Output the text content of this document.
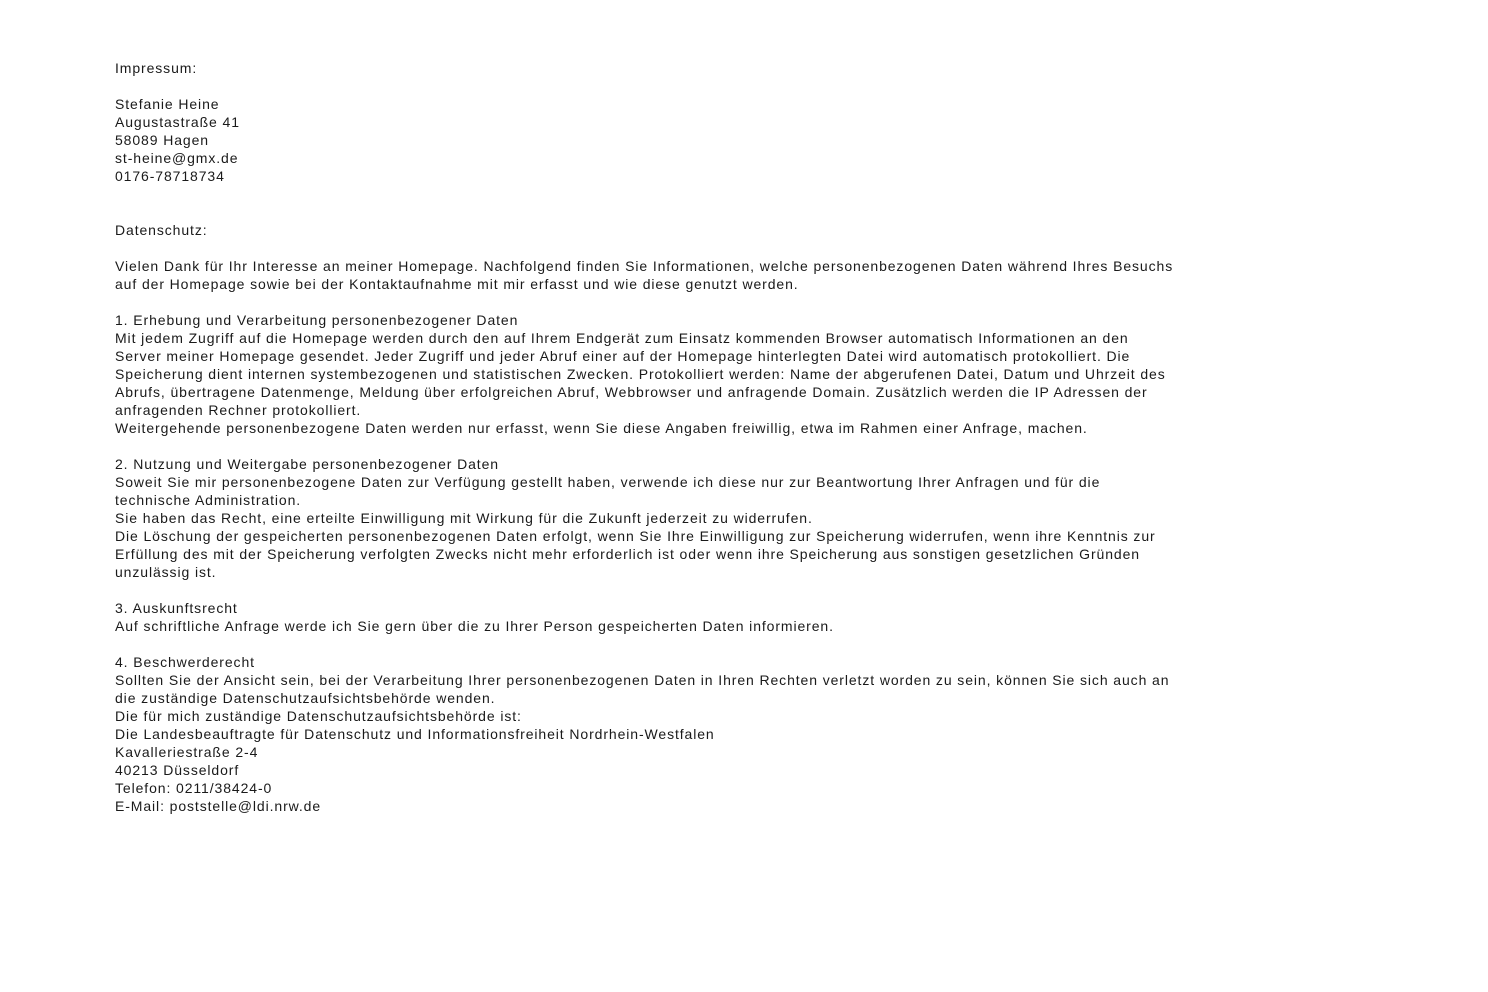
Impressum:
Stefanie Heine
Augustastraße 41
58089 Hagen
st-heine@gmx.de
0176-78718734
Datenschutz:
Vielen Dank für Ihr Interesse an meiner Homepage. Nachfolgend finden Sie Informationen, welche personenbezogenen Daten während Ihres Besuchs
auf der Homepage sowie bei der Kontaktaufnahme mit mir erfasst und wie diese genutzt werden.
1. Erhebung und Verarbeitung personenbezogener Daten
Mit jedem Zugriff auf die Homepage werden durch den auf Ihrem Endgerät zum Einsatz kommenden Browser automatisch Informationen an den
Server meiner Homepage gesendet. Jeder Zugriff und jeder Abruf einer auf der Homepage hinterlegten Datei wird automatisch protokolliert. Die
Speicherung dient internen systembezogenen und statistischen Zwecken. Protokolliert werden: Name der abgerufenen Datei, Datum und Uhrzeit des
Abrufs, übertragene Datenmenge, Meldung über erfolgreichen Abruf, Webbrowser und anfragende Domain. Zusätzlich werden die IP Adressen der
anfragenden Rechner protokolliert.
Weitergehende personenbezogene Daten werden nur erfasst, wenn Sie diese Angaben freiwillig, etwa im Rahmen einer Anfrage, machen.
2. Nutzung und Weitergabe personenbezogener Daten
Soweit Sie mir personenbezogene Daten zur Verfügung gestellt haben, verwende ich diese nur zur Beantwortung Ihrer Anfragen und für die
technische Administration.
Sie haben das Recht, eine erteilte Einwilligung mit Wirkung für die Zukunft jederzeit zu widerrufen.
Die Löschung der gespeicherten personenbezogenen Daten erfolgt, wenn Sie Ihre Einwilligung zur Speicherung widerrufen, wenn ihre Kenntnis zur
Erfüllung des mit der Speicherung verfolgten Zwecks nicht mehr erforderlich ist oder wenn ihre Speicherung aus sonstigen gesetzlichen Gründen
unzulässig ist.
3. Auskunftsrecht
Auf schriftliche Anfrage werde ich Sie gern über die zu Ihrer Person gespeicherten Daten informieren.
4. Beschwerderecht
Sollten Sie der Ansicht sein, bei der Verarbeitung Ihrer personenbezogenen Daten in Ihren Rechten verletzt worden zu sein, können Sie sich auch an
die zuständige Datenschutzaufsichtsbehörde wenden.
Die für mich zuständige Datenschutzaufsichtsbehörde ist:
Die Landesbeauftragte für Datenschutz und Informationsfreiheit Nordrhein-Westfalen
Kavalleriestraße 2-4
40213 Düsseldorf
Telefon: 0211/38424-0
E-Mail: poststelle@ldi.nrw.de
